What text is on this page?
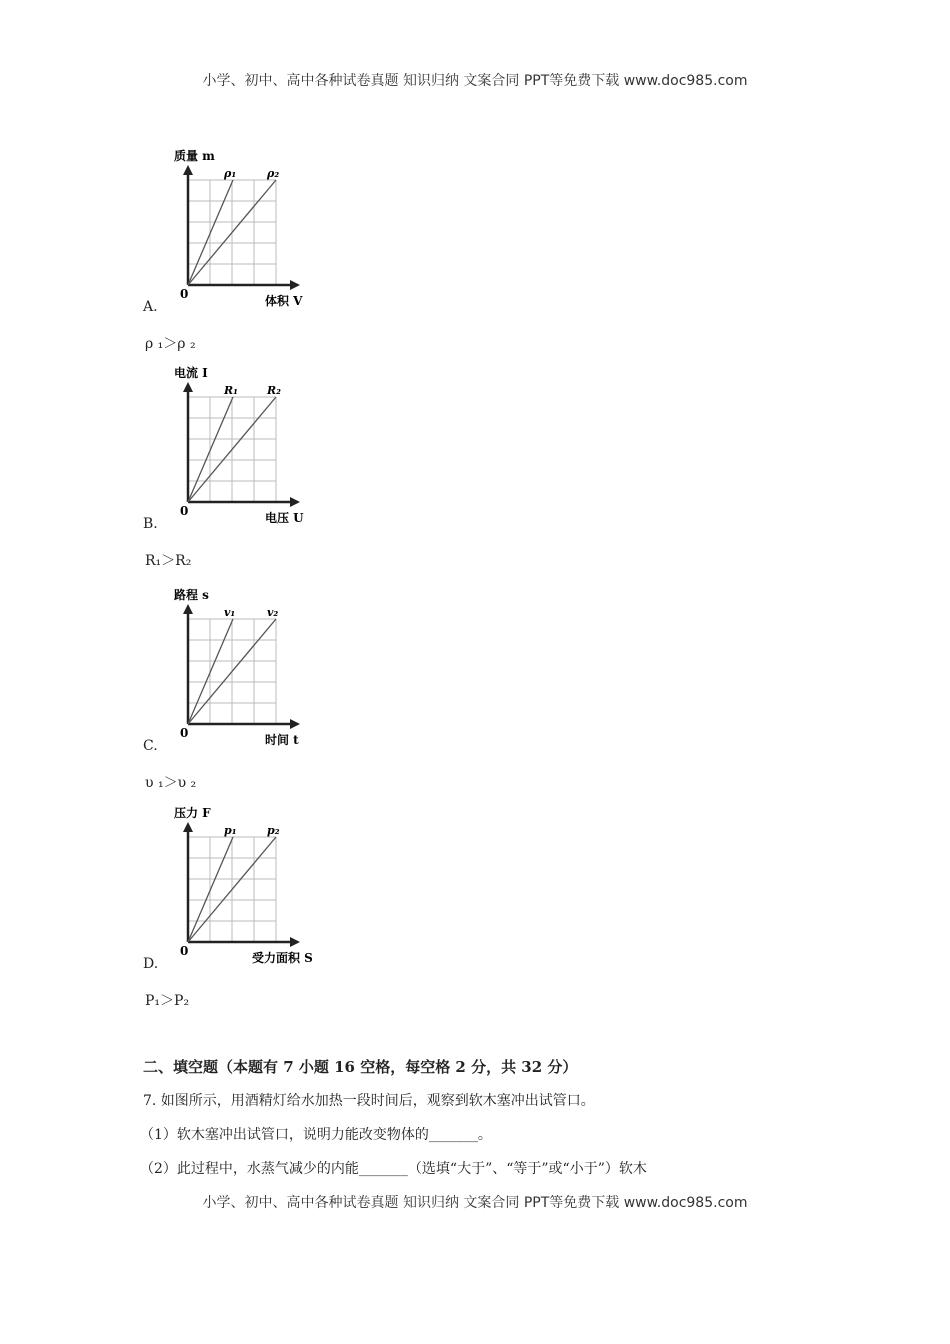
小学、初中、高中各种试卷真题 知识归纳 文案合同 PPT等免费下载 www.doc985.com
质量 m
ρ₁	ρ₂
0	体积 V
A.
ρ ₁＞ρ ₂
电流 I
R₁	R₂
0	电压 U
B.
R₁＞R₂
路程 s
v₁	v₂
0	时间 t
C.
υ ₁＞υ ₂
压力 F
p₁	p₂
0	受力面积 S
D.
P₁＞P₂
二、填空题（本题有 7 小题 16 空格，每空格 2 分，共 32 分）
7. 如图所示，用酒精灯给水加热一段时间后，观察到软木塞冲出试管口。
（1）软木塞冲出试管口，说明力能改变物体的_______。
（2）此过程中，水蒸气减少的内能_______（选填“大于”、“等于”或“小于”）软木
小学、初中、高中各种试卷真题 知识归纳 文案合同 PPT等免费下载 www.doc985.com
